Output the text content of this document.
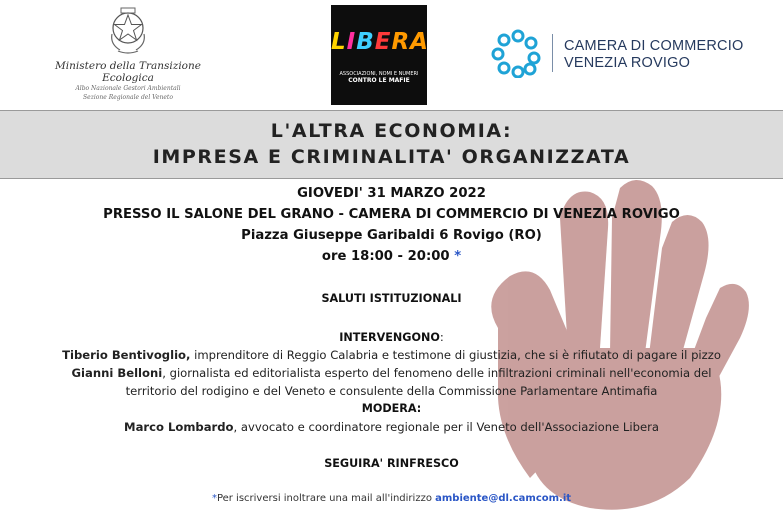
Ministero della Transizione Ecologica
Albo Nazionale Gestori Ambientali
Sezione Regionale del Veneto
LIBERA
ASSOCIAZIONI, NOMI E NUMERI
CONTRO LE MAFIE
CAMERA DI COMMERCIO
VENEZIA ROVIGO
L'ALTRA ECONOMIA:
IMPRESA E CRIMINALITA' ORGANIZZATA
GIOVEDI' 31 MARZO 2022
PRESSO IL SALONE DEL GRANO - CAMERA DI COMMERCIO DI VENEZIA ROVIGO
Piazza Giuseppe Garibaldi 6 Rovigo (RO)
ore 18:00 - 20:00 *
SALUTI ISTITUZIONALI
INTERVENGONO:
Tiberio Bentivoglio, imprenditore di Reggio Calabria e testimone di giustizia, che si è rifiutato di pagare il pizzo
Gianni Belloni, giornalista ed editorialista esperto del fenomeno delle infiltrazioni criminali nell'economia del
territorio del rodigino e del Veneto e consulente della Commissione Parlamentare Antimafia
MODERA:
Marco Lombardo, avvocato e coordinatore regionale per il Veneto dell'Associazione Libera
SEGUIRA' RINFRESCO
*Per iscriversi inoltrare una mail all'indirizzo ambiente@dl.camcom.it
